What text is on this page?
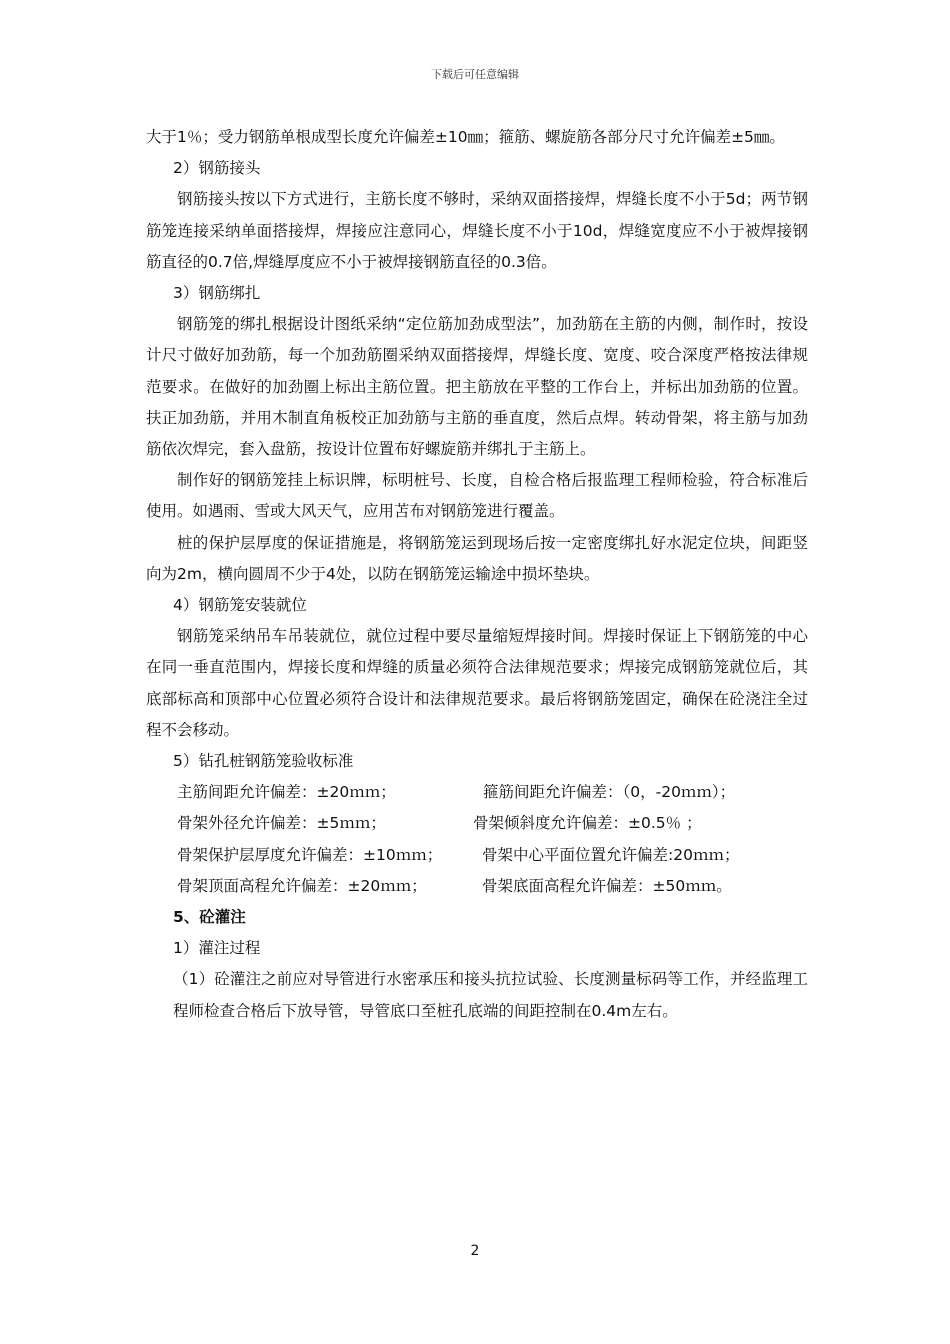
下载后可任意编辑

大于1％；受力钢筋单根成型长度允许偏差±10㎜；箍筋、螺旋筋各部分尺寸允许偏差±5㎜。

2）钢筋接头

钢筋接头按以下方式进行，主筋长度不够时，采纳双面搭接焊，焊缝长度不小于5d；两节钢筋笼连接采纳单面搭接焊，焊接应注意同心，焊缝长度不小于10d，焊缝宽度应不小于被焊接钢筋直径的0.7倍,焊缝厚度应不小于被焊接钢筋直径的0.3倍。

3）钢筋绑扎

钢筋笼的绑扎根据设计图纸采纳“定位筋加劲成型法”，加劲筋在主筋的内侧，制作时，按设计尺寸做好加劲筋，每一个加劲筋圈采纳双面搭接焊，焊缝长度、宽度、咬合深度严格按法律规范要求。在做好的加劲圈上标出主筋位置。把主筋放在平整的工作台上，并标出加劲筋的位置。扶正加劲筋，并用木制直角板校正加劲筋与主筋的垂直度，然后点焊。转动骨架，将主筋与加劲筋依次焊完，套入盘筋，按设计位置布好螺旋筋并绑扎于主筋上。

制作好的钢筋笼挂上标识牌，标明桩号、长度，自检合格后报监理工程师检验，符合标准后使用。如遇雨、雪或大风天气，应用苫布对钢筋笼进行覆盖。

桩的保护层厚度的保证措施是，将钢筋笼运到现场后按一定密度绑扎好水泥定位块，间距竖向为2m，横向圆周不少于4处，以防在钢筋笼运输途中损坏垫块。

4）钢筋笼安装就位

钢筋笼采纳吊车吊装就位，就位过程中要尽量缩短焊接时间。焊接时保证上下钢筋笼的中心在同一垂直范围内，焊接长度和焊缝的质量必须符合法律规范要求；焊接完成钢筋笼就位后，其底部标高和顶部中心位置必须符合设计和法律规范要求。最后将钢筋笼固定，确保在砼浇注全过程不会移动。

5）钻孔桩钢筋笼验收标准

主筋间距允许偏差：±20ｍｍ；	箍筋间距允许偏差：（0，-20ｍｍ）；
骨架外径允许偏差：±5ｍｍ；	骨架倾斜度允许偏差：±0.5％ ；
骨架保护层厚度允许偏差：±10ｍｍ；	骨架中心平面位置允许偏差:20ｍｍ；
骨架顶面高程允许偏差：±20ｍｍ；	骨架底面高程允许偏差：±50ｍｍ。

5、砼灌注

1）灌注过程

（1）砼灌注之前应对导管进行水密承压和接头抗拉试验、长度测量标码等工作，并经监理工程师检查合格后下放导管，导管底口至桩孔底端的间距控制在0.4m左右。

2
